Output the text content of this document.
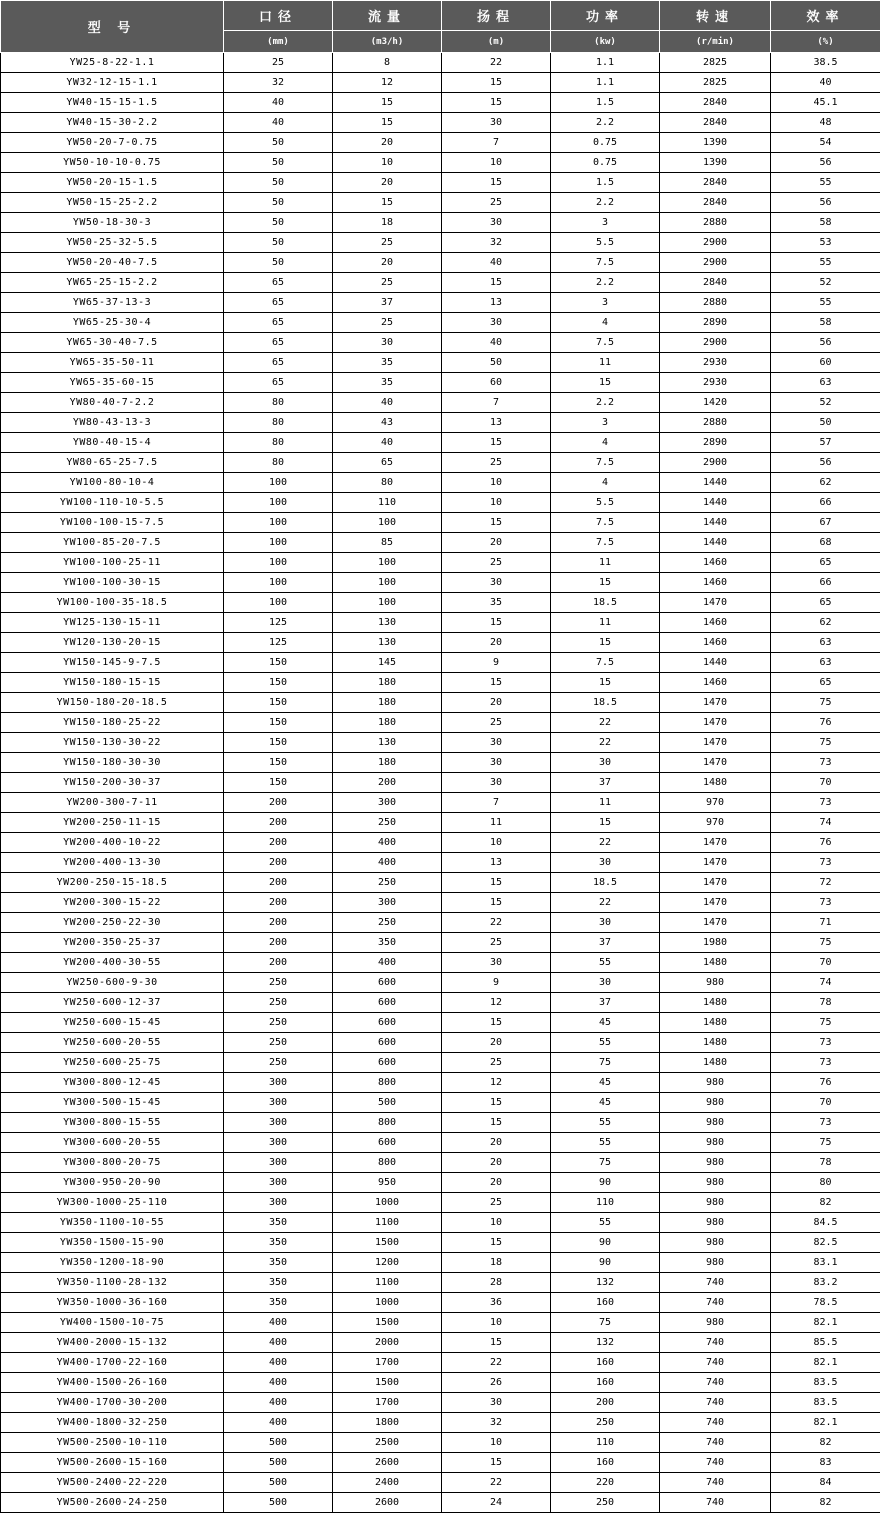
型 号	口径	流量	扬程	功率	转速	效率
	(mm)	(m3/h)	(m)	(kw)	(r/min)	(%)
YW25-8-22-1.1	25	8	22	1.1	2825	38.5
YW32-12-15-1.1	32	12	15	1.1	2825	40
YW40-15-15-1.5	40	15	15	1.5	2840	45.1
YW40-15-30-2.2	40	15	30	2.2	2840	48
YW50-20-7-0.75	50	20	7	0.75	1390	54
YW50-10-10-0.75	50	10	10	0.75	1390	56
YW50-20-15-1.5	50	20	15	1.5	2840	55
YW50-15-25-2.2	50	15	25	2.2	2840	56
YW50-18-30-3	50	18	30	3	2880	58
YW50-25-32-5.5	50	25	32	5.5	2900	53
YW50-20-40-7.5	50	20	40	7.5	2900	55
YW65-25-15-2.2	65	25	15	2.2	2840	52
YW65-37-13-3	65	37	13	3	2880	55
YW65-25-30-4	65	25	30	4	2890	58
YW65-30-40-7.5	65	30	40	7.5	2900	56
YW65-35-50-11	65	35	50	11	2930	60
YW65-35-60-15	65	35	60	15	2930	63
YW80-40-7-2.2	80	40	7	2.2	1420	52
YW80-43-13-3	80	43	13	3	2880	50
YW80-40-15-4	80	40	15	4	2890	57
YW80-65-25-7.5	80	65	25	7.5	2900	56
YW100-80-10-4	100	80	10	4	1440	62
YW100-110-10-5.5	100	110	10	5.5	1440	66
YW100-100-15-7.5	100	100	15	7.5	1440	67
YW100-85-20-7.5	100	85	20	7.5	1440	68
YW100-100-25-11	100	100	25	11	1460	65
YW100-100-30-15	100	100	30	15	1460	66
YW100-100-35-18.5	100	100	35	18.5	1470	65
YW125-130-15-11	125	130	15	11	1460	62
YW120-130-20-15	125	130	20	15	1460	63
YW150-145-9-7.5	150	145	9	7.5	1440	63
YW150-180-15-15	150	180	15	15	1460	65
YW150-180-20-18.5	150	180	20	18.5	1470	75
YW150-180-25-22	150	180	25	22	1470	76
YW150-130-30-22	150	130	30	22	1470	75
YW150-180-30-30	150	180	30	30	1470	73
YW150-200-30-37	150	200	30	37	1480	70
YW200-300-7-11	200	300	7	11	970	73
YW200-250-11-15	200	250	11	15	970	74
YW200-400-10-22	200	400	10	22	1470	76
YW200-400-13-30	200	400	13	30	1470	73
YW200-250-15-18.5	200	250	15	18.5	1470	72
YW200-300-15-22	200	300	15	22	1470	73
YW200-250-22-30	200	250	22	30	1470	71
YW200-350-25-37	200	350	25	37	1980	75
YW200-400-30-55	200	400	30	55	1480	70
YW250-600-9-30	250	600	9	30	980	74
YW250-600-12-37	250	600	12	37	1480	78
YW250-600-15-45	250	600	15	45	1480	75
YW250-600-20-55	250	600	20	55	1480	73
YW250-600-25-75	250	600	25	75	1480	73
YW300-800-12-45	300	800	12	45	980	76
YW300-500-15-45	300	500	15	45	980	70
YW300-800-15-55	300	800	15	55	980	73
YW300-600-20-55	300	600	20	55	980	75
YW300-800-20-75	300	800	20	75	980	78
YW300-950-20-90	300	950	20	90	980	80
YW300-1000-25-110	300	1000	25	110	980	82
YW350-1100-10-55	350	1100	10	55	980	84.5
YW350-1500-15-90	350	1500	15	90	980	82.5
YW350-1200-18-90	350	1200	18	90	980	83.1
YW350-1100-28-132	350	1100	28	132	740	83.2
YW350-1000-36-160	350	1000	36	160	740	78.5
YW400-1500-10-75	400	1500	10	75	980	82.1
YW400-2000-15-132	400	2000	15	132	740	85.5
YW400-1700-22-160	400	1700	22	160	740	82.1
YW400-1500-26-160	400	1500	26	160	740	83.5
YW400-1700-30-200	400	1700	30	200	740	83.5
YW400-1800-32-250	400	1800	32	250	740	82.1
YW500-2500-10-110	500	2500	10	110	740	82
YW500-2600-15-160	500	2600	15	160	740	83
YW500-2400-22-220	500	2400	22	220	740	84
YW500-2600-24-250	500	2600	24	250	740	82
